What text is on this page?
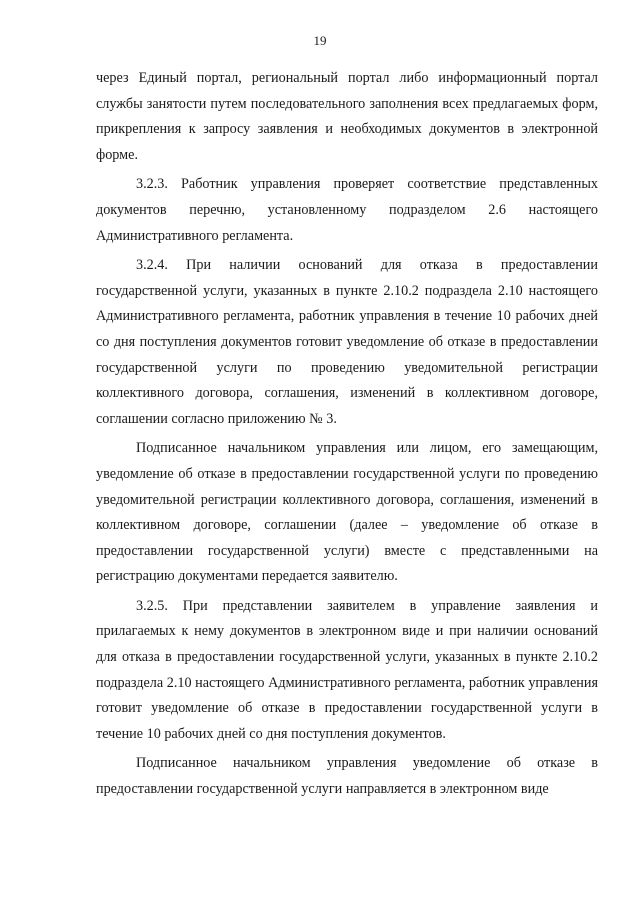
19

через Единый портал, региональный портал либо информационный портал службы занятости путем последовательного заполнения всех предлагаемых форм, прикрепления к запросу заявления и необходимых документов в электронной форме.

3.2.3. Работник управления проверяет соответствие представленных документов перечню, установленному подразделом 2.6 настоящего Административного регламента.

3.2.4. При наличии оснований для отказа в предоставлении государственной услуги, указанных в пункте 2.10.2 подраздела 2.10 настоящего Административного регламента, работник управления в течение 10 рабочих дней со дня поступления документов готовит уведомление об отказе в предоставлении государственной услуги по проведению уведомительной регистрации коллективного договора, соглашения, изменений в коллективном договоре, соглашении согласно приложению № 3.

Подписанное начальником управления или лицом, его замещающим, уведомление об отказе в предоставлении государственной услуги по проведению уведомительной регистрации коллективного договора, соглашения, изменений в коллективном договоре, соглашении (далее – уведомление об отказе в предоставлении государственной услуги) вместе с представленными на регистрацию документами передается заявителю.

3.2.5. При представлении заявителем в управление заявления и прилагаемых к нему документов в электронном виде и при наличии оснований для отказа в предоставлении государственной услуги, указанных в пункте 2.10.2 подраздела 2.10 настоящего Административного регламента, работник управления готовит уведомление об отказе в предоставлении государственной услуги в течение 10 рабочих дней со дня поступления документов.

Подписанное начальником управления уведомление об отказе в предоставлении государственной услуги направляется в электронном виде
